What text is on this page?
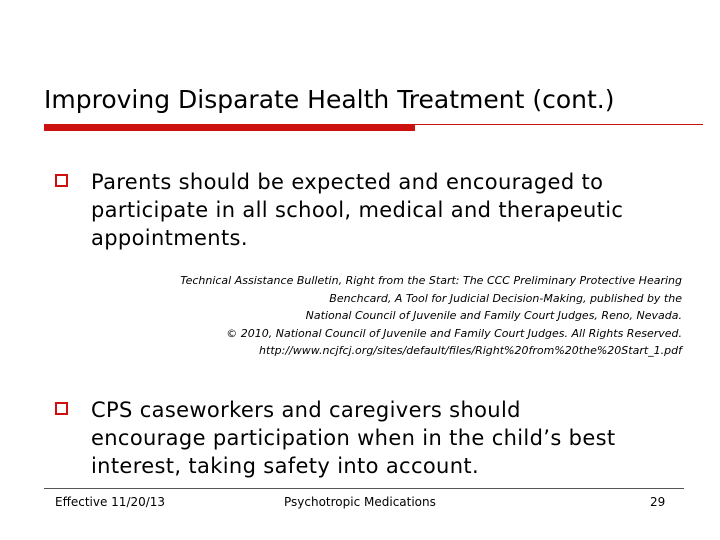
Improving Disparate Health Treatment (cont.)
Parents should be expected and encouraged to
participate in all school, medical and therapeutic
appointments.
Technical Assistance Bulletin, Right from the Start: The CCC Preliminary Protective Hearing
Benchcard, A Tool for Judicial Decision-Making, published by the
National Council of Juvenile and Family Court Judges, Reno, Nevada.
© 2010, National Council of Juvenile and Family Court Judges. All Rights Reserved.
http://www.ncjfcj.org/sites/default/files/Right%20from%20the%20Start_1.pdf
CPS caseworkers and caregivers should
encourage participation when in the child’s best
interest, taking safety into account.
Effective 11/20/13	Psychotropic Medications	29
